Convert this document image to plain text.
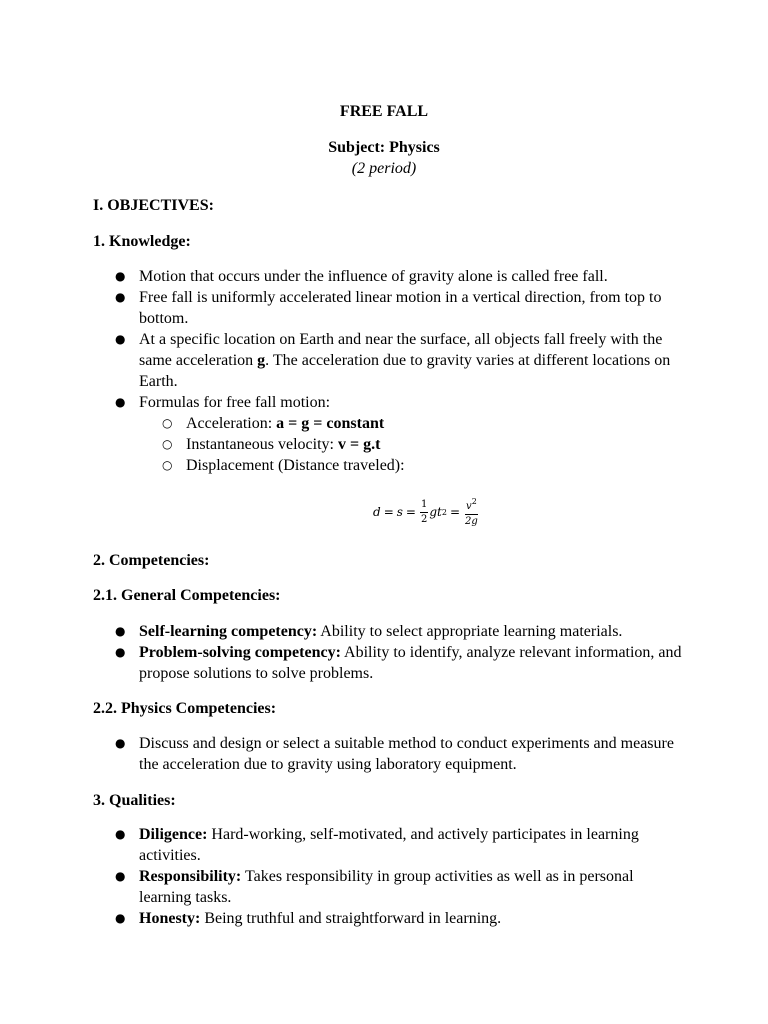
FREE FALL
Subject: Physics
(2 period)
I. OBJECTIVES:
1. Knowledge:
● Motion that occurs under the influence of gravity alone is called free fall.
● Free fall is uniformly accelerated linear motion in a vertical direction, from top to bottom.
● At a specific location on Earth and near the surface, all objects fall freely with the same acceleration g. The acceleration due to gravity varies at different locations on Earth.
● Formulas for free fall motion:
○ Acceleration: a = g = constant
○ Instantaneous velocity: v = g.t
○ Displacement (Distance traveled):
$d = s = \frac{1}{2}$ gt $2 = \frac{v^2}{2g}$
2. Competencies:
2.1. General Competencies:
● Self-learning competency: Ability to select appropriate learning materials.
● Problem-solving competency: Ability to identify, analyze relevant information, and propose solutions to solve problems.
2.2. Physics Competencies:
● Discuss and design or select a suitable method to conduct experiments and measure the acceleration due to gravity using laboratory equipment.
3. Qualities:
● Diligence: Hard-working, self-motivated, and actively participates in learning activities.
● Responsibility: Takes responsibility in group activities as well as in personal learning tasks.
● Honesty: Being truthful and straightforward in learning.
